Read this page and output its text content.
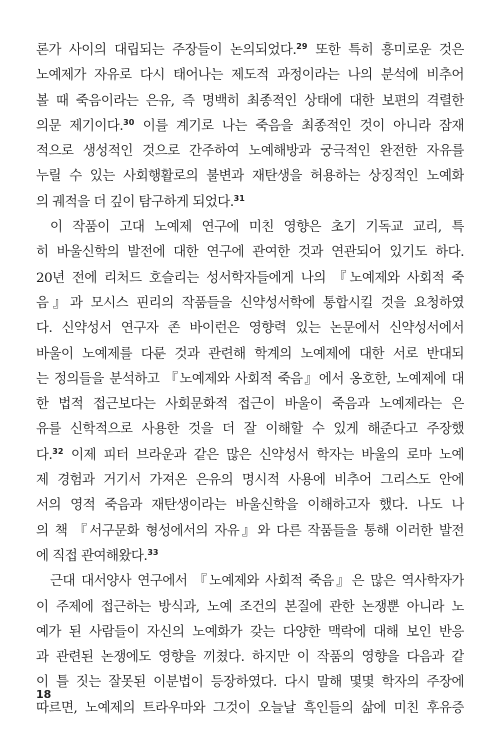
론가 사이의 대립되는 주장들이 논의되었다.$^{29}$ 또한 특히 흥미로운 것은
노예제가 자유로 다시 태어나는 제도적 과정이라는 나의 분석에 비추어
볼 때 죽음이라는 은유, 즉 명백히 최종적인 상태에 대한 보편의 격렬한
의문 제기이다.$^{30}$ 이를 계기로 나는 죽음을 최종적인 것이 아니라 잠재
적으로 생성적인 것으로 간주하여 노예해방과 궁극적인 완전한 자유를
누릴 수 있는 사회행활로의 불변과 재탄생을 허용하는 상징적인 노예화
의 궤적을 더 깊이 탐구하게 되었다.$^{31}$
이 작품이 고대 노예제 연구에 미친 영향은 초기 기독교 교리, 특
히 바울신학의 발전에 대한 연구에 관여한 것과 연관되어 있기도 하다.
20년 전에 리처드 호슬리는 성서학자들에게 나의 『노예제와 사회적 죽
음』과 모시스 핀리의 작품들을 신약성서학에 통합시킬 것을 요청하였
다. 신약성서 연구자 존 바이런은 영향력 있는 논문에서 신약성서에서
바울이 노예제를 다룬 것과 관련해 학계의 노예제에 대한 서로 반대되
는 정의들을 분석하고 『노예제와 사회적 죽음』에서 옹호한, 노예제에 대
한 법적 접근보다는 사회문화적 접근이 바울이 죽음과 노예제라는 은
유를 신학적으로 사용한 것을 더 잘 이해할 수 있게 해준다고 주장했
다.$^{32}$ 이제 피터 브라운과 같은 많은 신약성서 학자는 바울의 로마 노예
제 경험과 거기서 가져온 은유의 명시적 사용에 비추어 그리스도 안에
서의 영적 죽음과 재탄생이라는 바울신학을 이해하고자 했다. 나도 나
의 책 『서구문화 형성에서의 자유』와 다른 작품들을 통해 이러한 발전
에 직접 관여해왔다.$^{33}$
근대 대서양사 연구에서 『노예제와 사회적 죽음』은 많은 역사학자가
이 주제에 접근하는 방식과, 노예 조건의 본질에 관한 논쟁뿐 아니라 노
예가 된 사람들이 자신의 노예화가 갖는 다양한 맥락에 대해 보인 반응
과 관련된 논쟁에도 영향을 끼쳤다. 하지만 이 작품의 영향을 다음과 같
이 틀 짓는 잘못된 이분법이 등장하였다. 다시 말해 몇몇 학자의 주장에
따르면, 노예제의 트라우마와 그것이 오늘날 흑인들의 삶에 미친 후유증
18
